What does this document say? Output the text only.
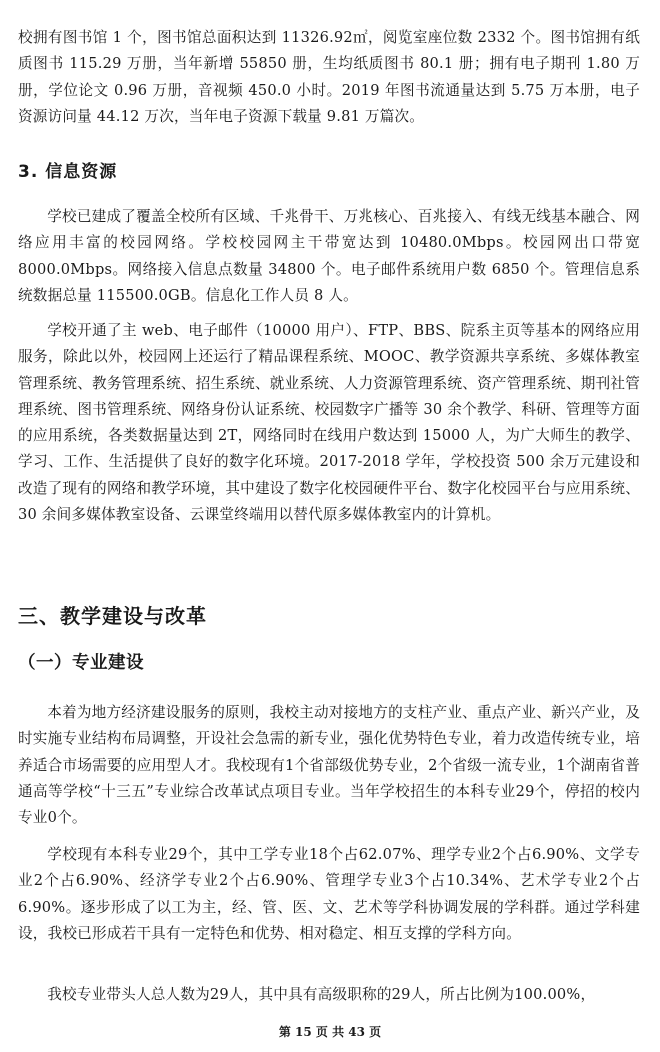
校拥有图书馆 1 个，图书馆总面积达到 11326.92㎡，阅览室座位数 2332 个。图书馆拥有纸质图书 115.29 万册，当年新增 55850 册，生均纸质图书 80.1 册；拥有电子期刊 1.80 万册，学位论文 0.96 万册，音视频 450.0 小时。2019 年图书流通量达到 5.75 万本册，电子资源访问量 44.12 万次，当年电子资源下载量 9.81 万篇次。

3. 信息资源

学校已建成了覆盖全校所有区域、千兆骨干、万兆核心、百兆接入、有线无线基本融合、网络应用丰富的校园网络。学校校园网主干带宽达到 10480.0Mbps。校园网出口带宽 8000.0Mbps。网络接入信息点数量 34800 个。电子邮件系统用户数 6850 个。管理信息系统数据总量 115500.0GB。信息化工作人员 8 人。

学校开通了主 web、电子邮件（10000 用户）、FTP、BBS、院系主页等基本的网络应用服务，除此以外，校园网上还运行了精品课程系统、MOOC、教学资源共享系统、多媒体教室管理系统、教务管理系统、招生系统、就业系统、人力资源管理系统、资产管理系统、期刊社管理系统、图书管理系统、网络身份认证系统、校园数字广播等 30 余个教学、科研、管理等方面的应用系统，各类数据量达到 2T，网络同时在线用户数达到 15000 人，为广大师生的教学、学习、工作、生活提供了良好的数字化环境。2017-2018 学年，学校投资 500 余万元建设和改造了现有的网络和教学环境，其中建设了数字化校园硬件平台、数字化校园平台与应用系统、30 余间多媒体教室设备、云课堂终端用以替代原多媒体教室内的计算机。

三、教学建设与改革
（一）专业建设

本着为地方经济建设服务的原则，我校主动对接地方的支柱产业、重点产业、新兴产业，及时实施专业结构布局调整，开设社会急需的新专业，强化优势特色专业，着力改造传统专业，培养适合市场需要的应用型人才。我校现有1个省部级优势专业，2个省级一流专业，1个湖南省普通高等学校“十三五”专业综合改革试点项目专业。当年学校招生的本科专业29个，停招的校内专业0个。

学校现有本科专业29个，其中工学专业18个占62.07%、理学专业2个占6.90%、文学专业2个占6.90%、经济学专业2个占6.90%、管理学专业3个占10.34%、艺术学专业2个占6.90%。逐步形成了以工为主，经、管、医、文、艺术等学科协调发展的学科群。通过学科建设，我校已形成若干具有一定特色和优势、相对稳定、相互支撑的学科方向。

我校专业带头人总人数为29人，其中具有高级职称的29人，所占比例为100.00%，

第 15 页 共 43 页
